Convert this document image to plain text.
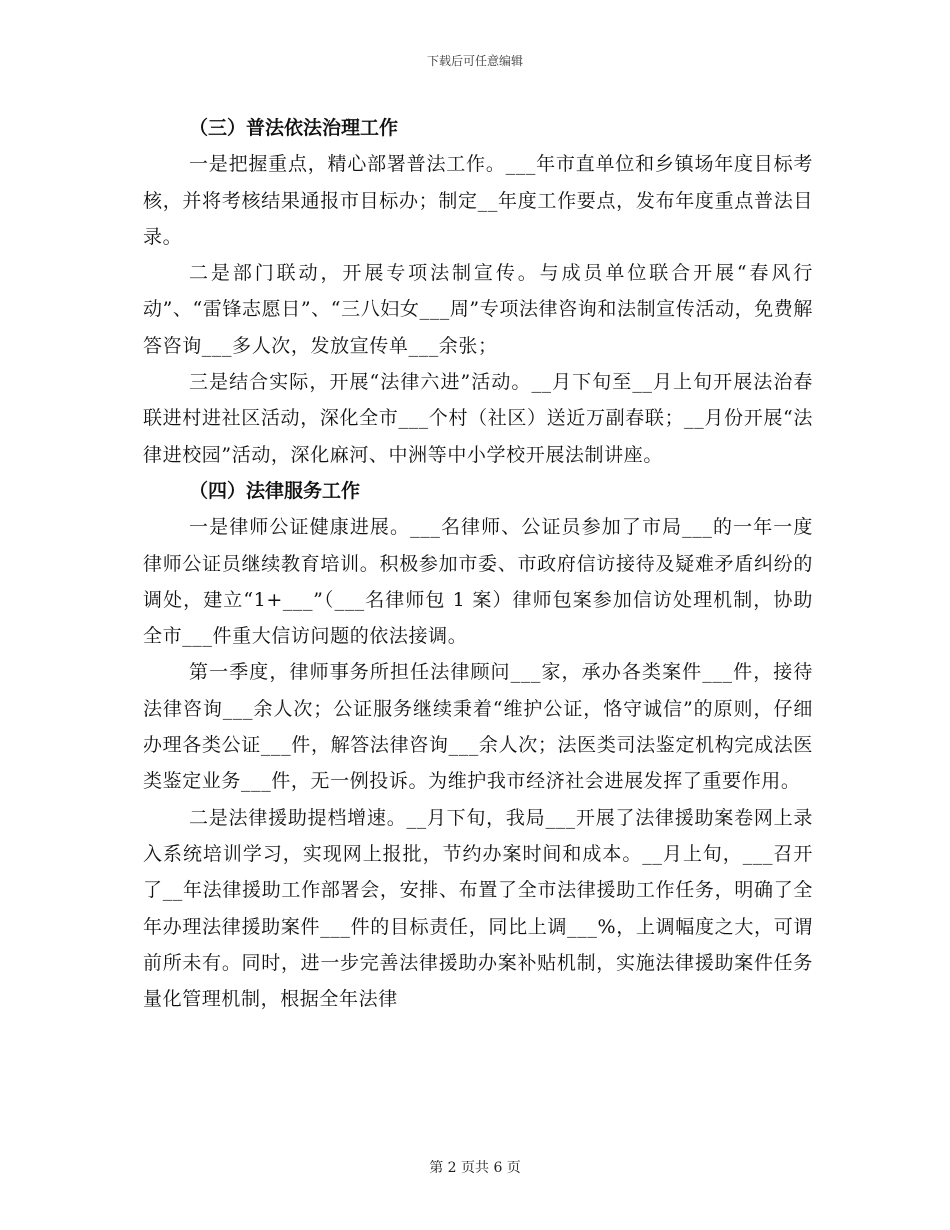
下载后可任意编辑
（三）普法依法治理工作

一是把握重点，精心部署普法工作。___年市直单位和乡镇场年度目标考核，并将考核结果通报市目标办；制定__年度工作要点，发布年度重点普法目录。

二是部门联动，开展专项法制宣传。与成员单位联合开展“春风行动”、“雷锋志愿日”、“三八妇女___周”专项法律咨询和法制宣传活动，免费解答咨询___多人次，发放宣传单___余张；

三是结合实际，开展“法律六进”活动。__月下旬至__月上旬开展法治春联进村进社区活动，深化全市___个村（社区）送近万副春联；__月份开展“法律进校园”活动，深化麻河、中洲等中小学校开展法制讲座。

（四）法律服务工作

一是律师公证健康进展。___名律师、公证员参加了市局___的一年一度律师公证员继续教育培训。积极参加市委、市政府信访接待及疑难矛盾纠纷的调处，建立“1+___”（___名律师包 1 案）律师包案参加信访处理机制，协助全市___件重大信访问题的依法接调。

第一季度，律师事务所担任法律顾问___家，承办各类案件___件，接待法律咨询___余人次；公证服务继续秉着“维护公证，恪守诚信”的原则，仔细办理各类公证___件，解答法律咨询___余人次；法医类司法鉴定机构完成法医类鉴定业务___件，无一例投诉。为维护我市经济社会进展发挥了重要作用。

二是法律援助提档增速。__月下旬，我局___开展了法律援助案卷网上录入系统培训学习，实现网上报批，节约办案时间和成本。__月上旬，___召开了__年法律援助工作部署会，安排、布置了全市法律援助工作任务，明确了全年办理法律援助案件___件的目标责任，同比上调___%，上调幅度之大，可谓前所未有。同时，进一步完善法律援助办案补贴机制，实施法律援助案件任务量化管理机制，根据全年法律

第 2 页共 6 页
